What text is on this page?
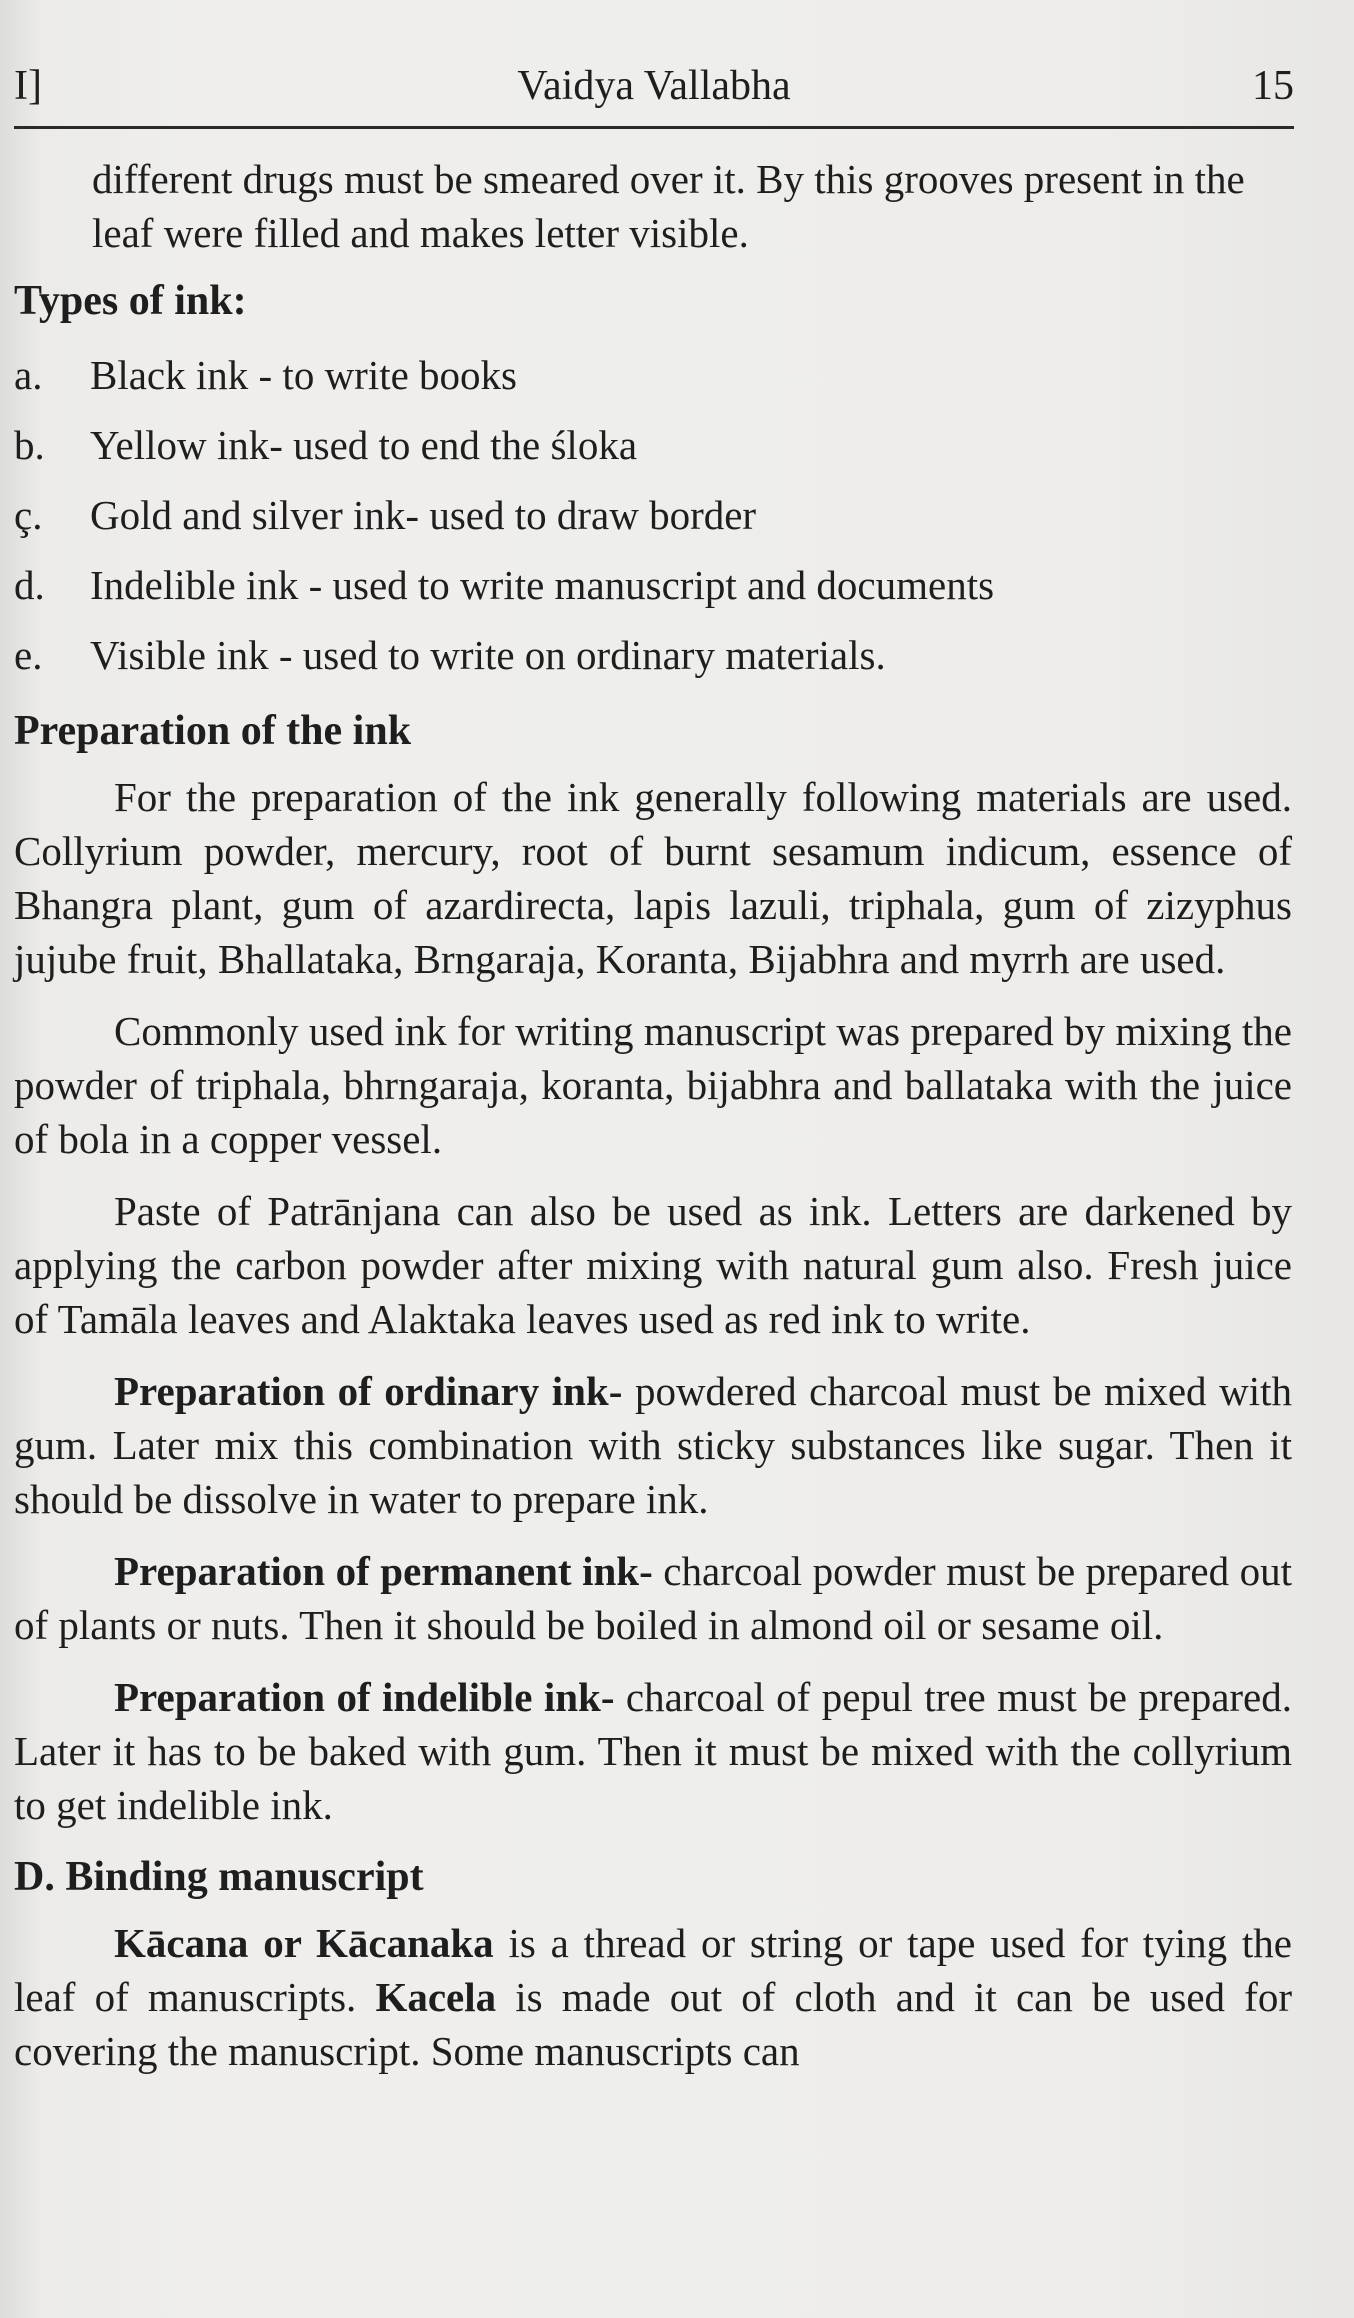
I]	Vaidya Vallabha	15

different drugs must be smeared over it. By this grooves present in the leaf were filled and makes letter visible.

Types of ink:
a.	Black ink - to write books
b.	Yellow ink- used to end the śloka
ç.	Gold and silver ink- used to draw border
d.	Indelible ink - used to write manuscript and documents
e.	Visible ink - used to write on ordinary materials.
Preparation of the ink

For the preparation of the ink generally following materials are used. Collyrium powder, mercury, root of burnt sesamum indicum, essence of Bhangra plant, gum of azardirecta, lapis lazuli, triphala, gum of zizyphus jujube fruit, Bhallataka, Brngaraja, Koranta, Bijabhra and myrrh are used.

Commonly used ink for writing manuscript was prepared by mixing the powder of triphala, bhrngaraja, koranta, bijabhra and ballataka with the juice of bola in a copper vessel.

Paste of Patrānjana can also be used as ink. Letters are darkened by applying the carbon powder after mixing with natural gum also. Fresh juice of Tamāla leaves and Alaktaka leaves used as red ink to write.

Preparation of ordinary ink- powdered charcoal must be mixed with gum. Later mix this combination with sticky substances like sugar. Then it should be dissolve in water to prepare ink.

Preparation of permanent ink- charcoal powder must be prepared out of plants or nuts. Then it should be boiled in almond oil or sesame oil.

Preparation of indelible ink- charcoal of pepul tree must be prepared. Later it has to be baked with gum. Then it must be mixed with the collyrium to get indelible ink.

D. Binding manuscript

Kācana or Kācanaka is a thread or string or tape used for tying the leaf of manuscripts. Kacela is made out of cloth and it can be used for covering the manuscript. Some manuscripts can
